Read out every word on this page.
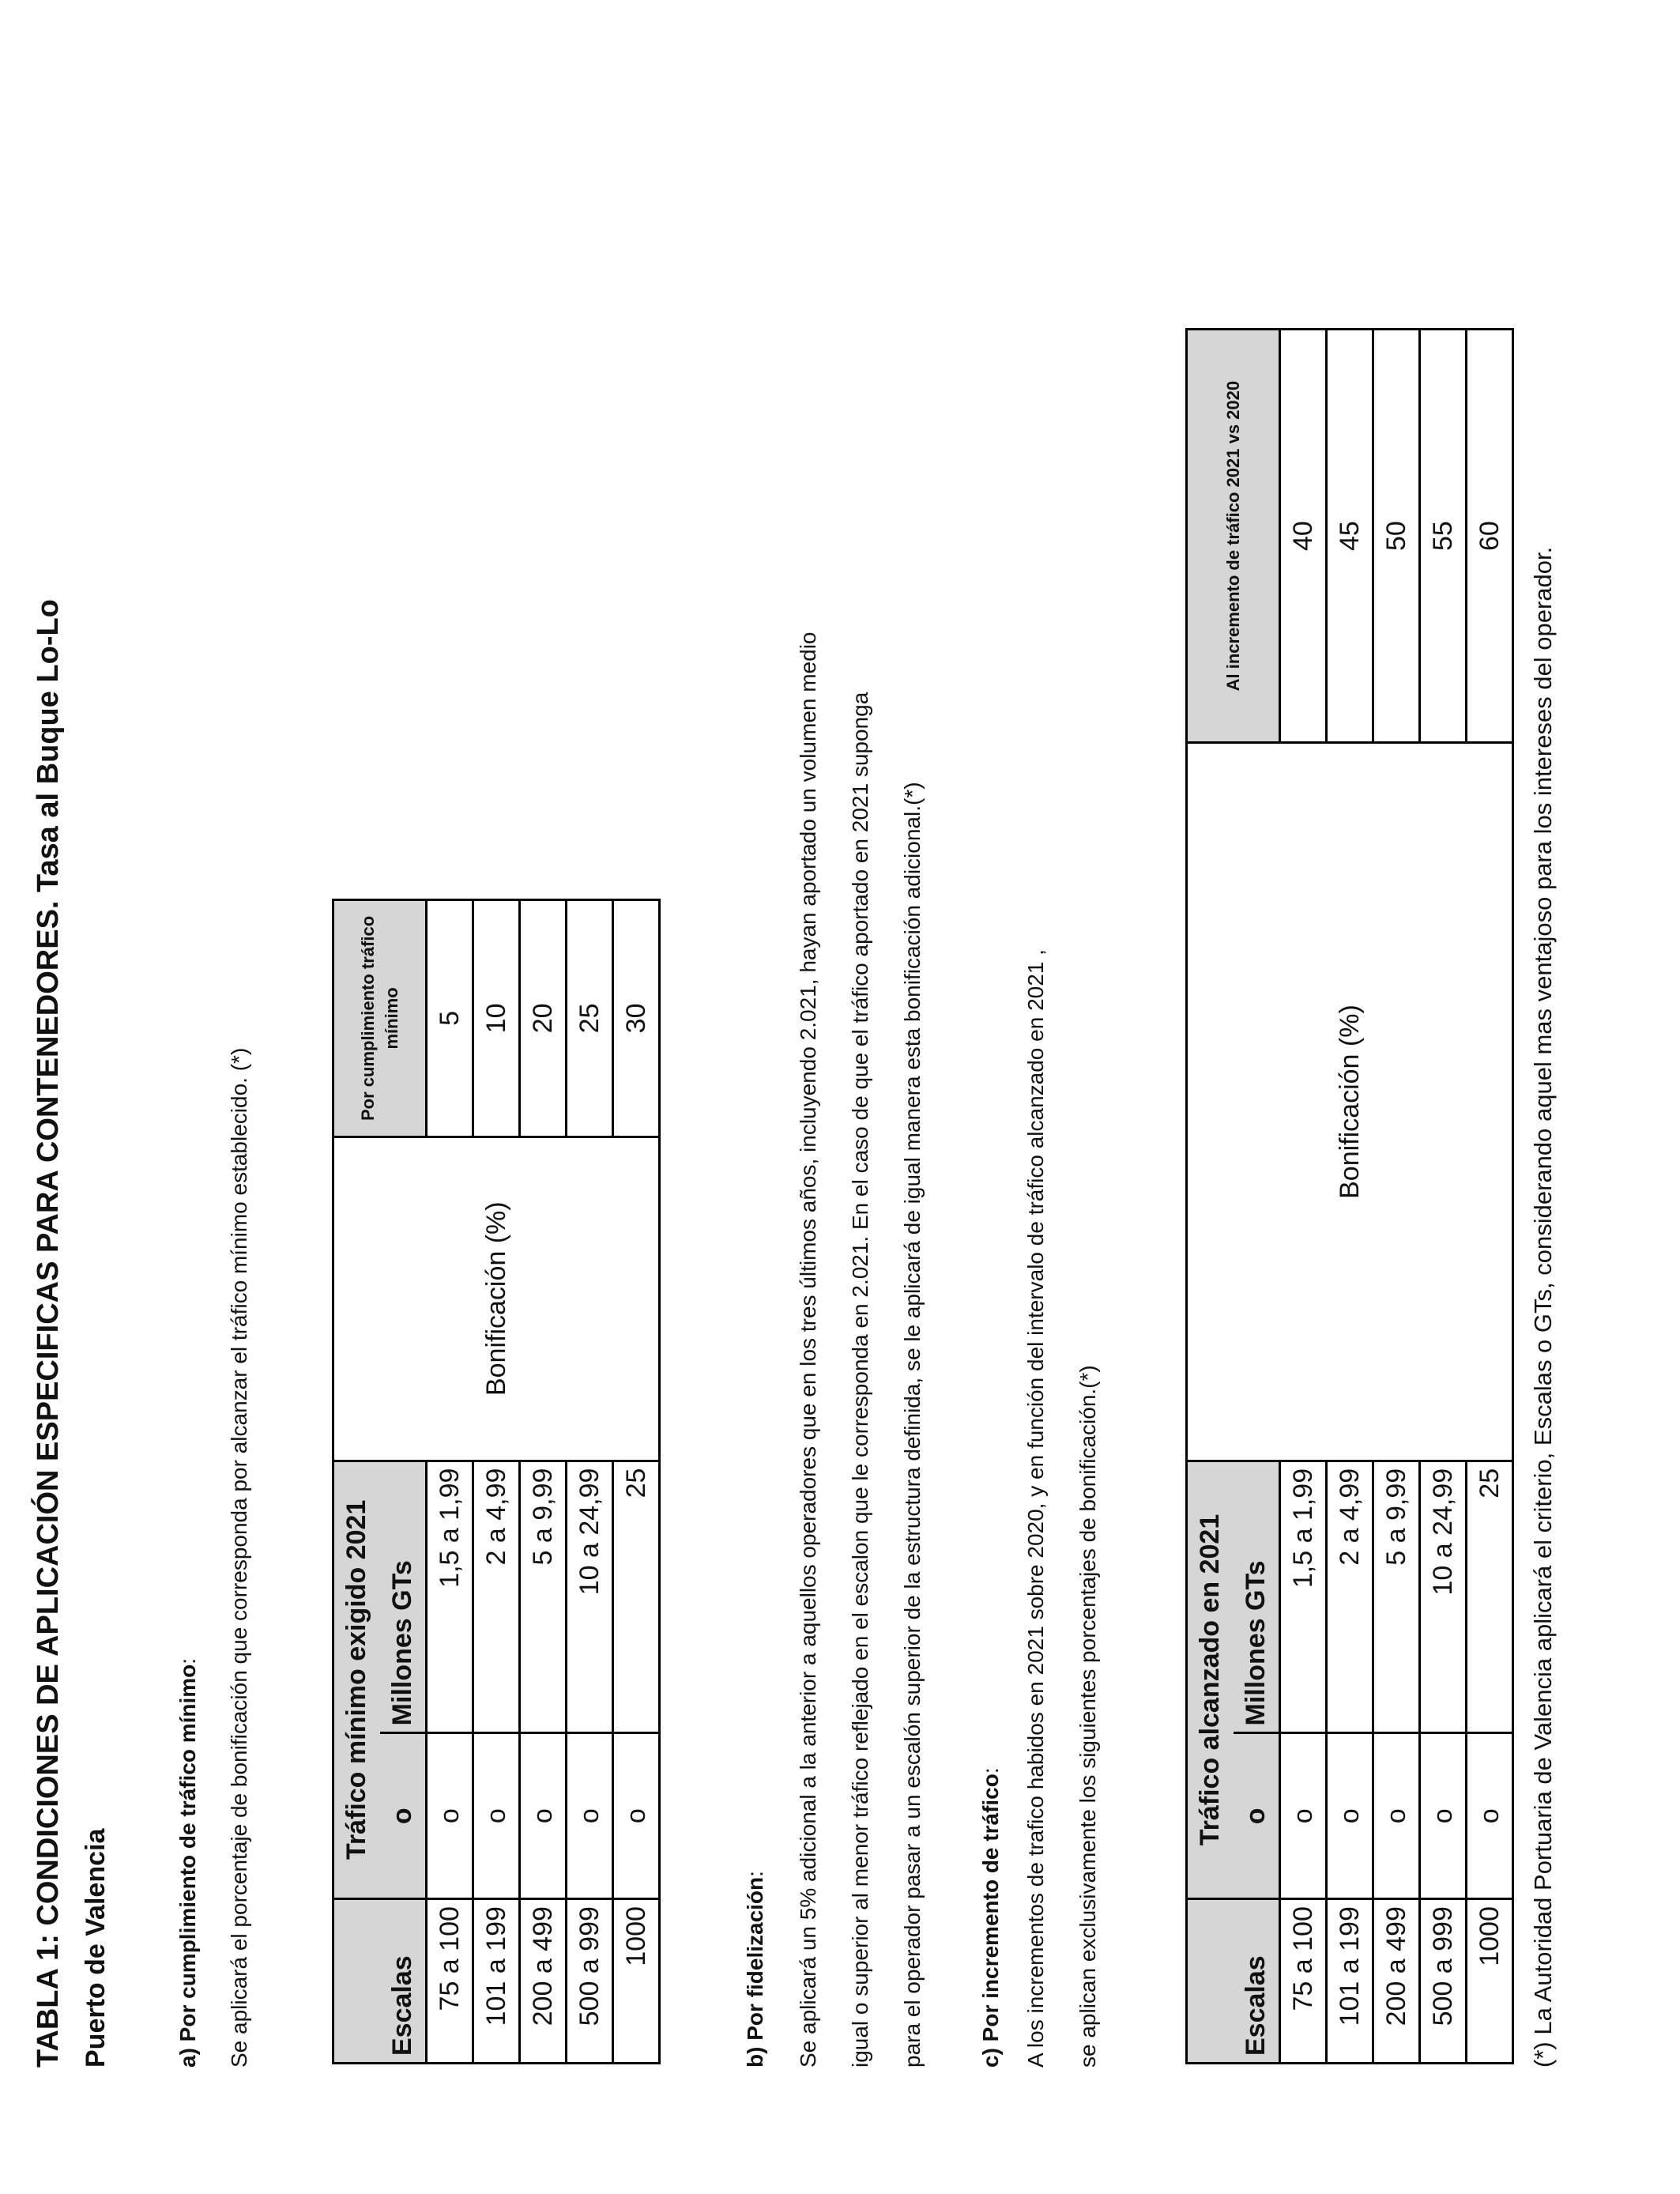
TABLA 1: CONDICIONES DE APLICACIÓN ESPECIFICAS PARA CONTENEDORES. Tasa al Buque Lo-Lo Puerto de Valencia	a) Por cumplimiento de tráfico mínimo:	Se aplicará el porcentaje de bonificación que corresponda por alcanzar el tráfico mínimo establecido. (*)
		Tráfico mínimo exigido 2021		Bonificación (%)	Por cumplimiento tráfico mínimo
Escalas	o	Millones GTs		
75 a 100	o	1,5 a 1,99		5
101 a 199	o	2 a 4,99		10
200 a 499	o	5 a 9,99		20
500 a 999	o	10 a 24,99		25
1000	o	25		30
b) Por fidelización:	Se aplicará un 5% adicional a la anterior a aquellos operadores que en los tres últimos años, incluyendo 2.021, hayan aportado un volumen medio	igual o superior al menor tráfico reflejado en el escalon que le corresponda en 2.021. En el caso de que el tráfico aportado en 2021 suponga	para el operador pasar a un escalón superior de la estructura definida, se le aplicará de igual manera esta bonificación adicional.(*)	c) Por incremento de tráfico: A los incrementos de trafico habidos en 2021 sobre 2020, y en función del intervalo de tráfico alcanzado en 2021 ,	se aplican exclusivamente los siguientes porcentajes de bonificación.(*)
		Tráfico alcanzado en 2021		Bonificación (%)	Al incremento de tráfico 2021 vs 2020
Escalas	o	Millones GTs		
75 a 100	o	1,5 a 1,99		40
101 a 199	o	2 a 4,99		45
200 a 499	o	5 a 9,99		50
500 a 999	o	10 a 24,99		55
1000	o	25		60
(*) La Autoridad Portuaria de Valencia aplicará el criterio, Escalas o GTs, considerando aquel mas ventajoso para los intereses del operador.
